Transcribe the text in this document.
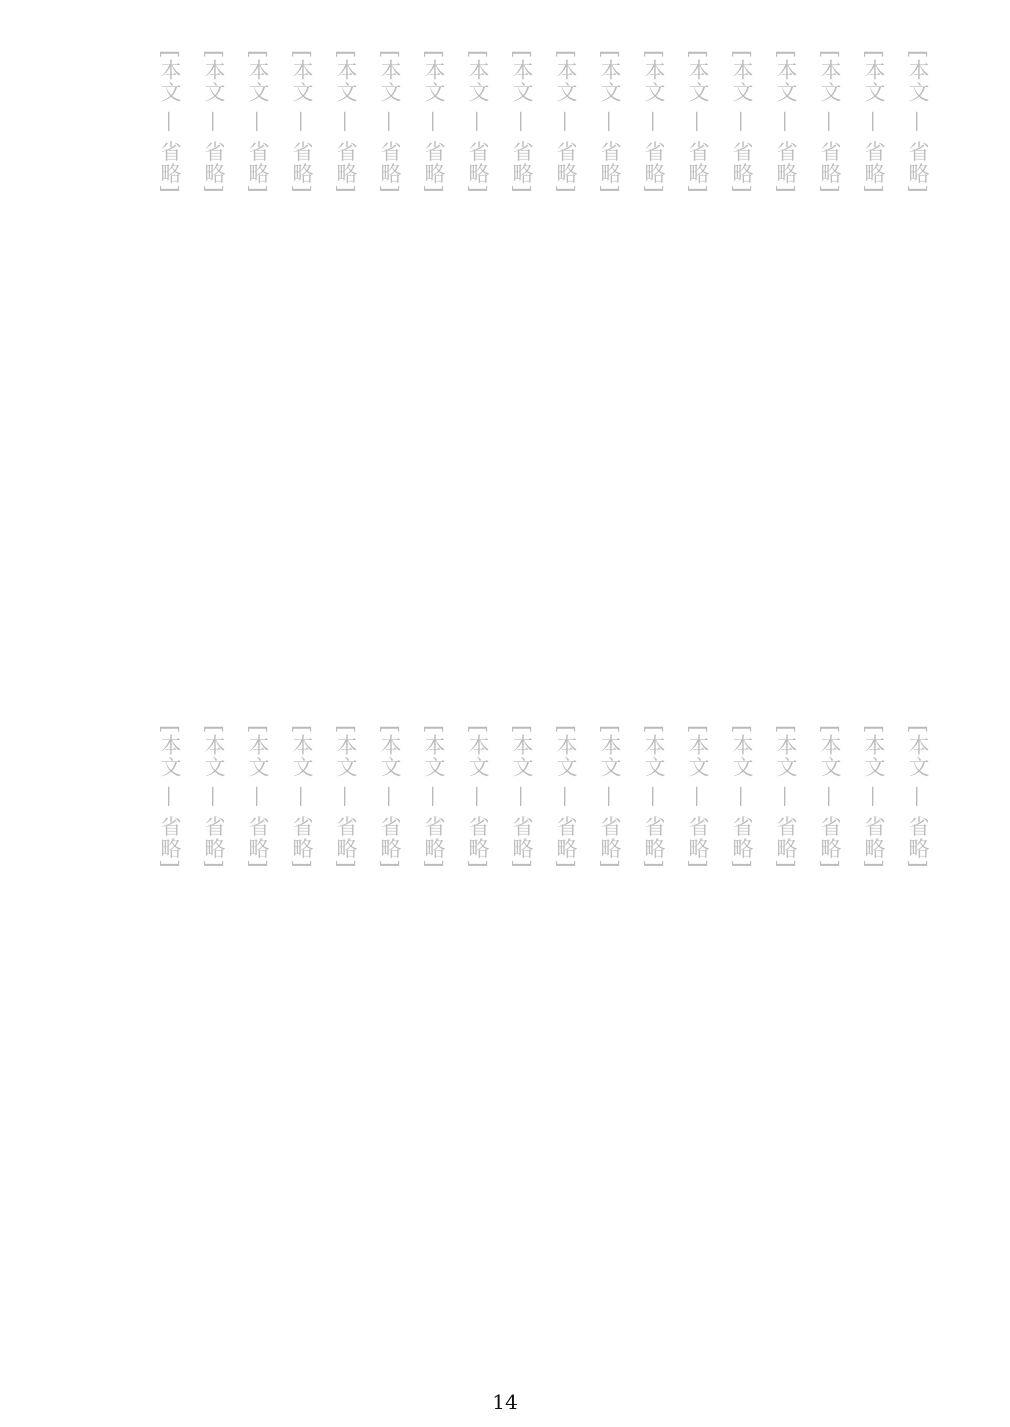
[本文 — 省略]
[本文 — 省略]
[本文 — 省略]
[本文 — 省略]
[本文 — 省略]
[本文 — 省略]
[本文 — 省略]
[本文 — 省略]
[本文 — 省略]
[本文 — 省略]
[本文 — 省略]
[本文 — 省略]
[本文 — 省略]
[本文 — 省略]
[本文 — 省略]
[本文 — 省略]
[本文 — 省略]
[本文 — 省略]
[本文 — 省略]
[本文 — 省略]
[本文 — 省略]
[本文 — 省略]
[本文 — 省略]
[本文 — 省略]
[本文 — 省略]
[本文 — 省略]
[本文 — 省略]
[本文 — 省略]
[本文 — 省略]
[本文 — 省略]
[本文 — 省略]
[本文 — 省略]
[本文 — 省略]
[本文 — 省略]
[本文 — 省略]
[本文 — 省略]
14
